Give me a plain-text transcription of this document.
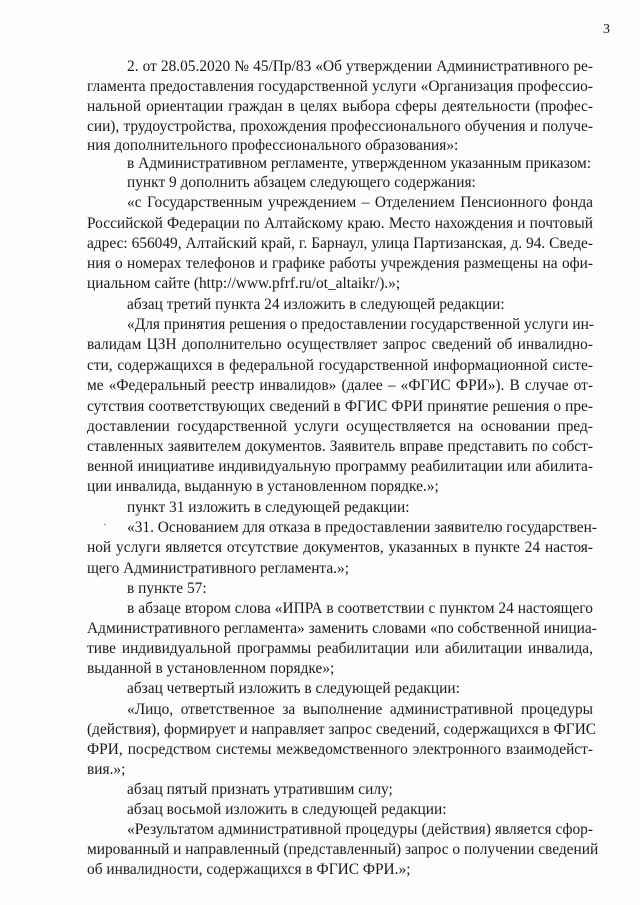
3
2. от 28.05.2020 № 45/Пр/83 «Об утверждении Административного ре-
гламента предоставления государственной услуги «Организация профессио-
нальной ориентации граждан в целях выбора сферы деятельности (профес-
сии), трудоустройства, прохождения профессионального обучения и получе-
ния дополнительного профессионального образования»:
в Административном регламенте, утвержденном указанным приказом:
пункт 9 дополнить абзацем следующего содержания:
«с Государственным учреждением – Отделением Пенсионного фонда
Российской Федерации по Алтайскому краю. Место нахождения и почтовый
адрес: 656049, Алтайский край, г. Барнаул, улица Партизанская, д. 94. Сведе-
ния о номерах телефонов и графике работы учреждения размещены на офи-
циальном сайте (http://www.pfrf.ru/ot_altaikr/).»;
абзац третий пункта 24 изложить в следующей редакции:
«Для принятия решения о предоставлении государственной услуги ин-
валидам ЦЗН дополнительно осуществляет запрос сведений об инвалидно-
сти, содержащихся в федеральной государственной информационной систе-
ме «Федеральный реестр инвалидов» (далее – «ФГИС ФРИ»). В случае от-
сутствия соответствующих сведений в ФГИС ФРИ принятие решения о пре-
доставлении государственной услуги осуществляется на основании пред-
ставленных заявителем документов. Заявитель вправе представить по собст-
венной инициативе индивидуальную программу реабилитации или абилита-
ции инвалида, выданную в установленном порядке.»;
пункт 31 изложить в следующей редакции:
«31. Основанием для отказа в предоставлении заявителю государствен-
ной услуги является отсутствие документов, указанных в пункте 24 настоя-
щего Административного регламента.»;
в пункте 57:
в абзаце втором слова «ИПРА в соответствии с пунктом 24 настоящего
Административного регламента» заменить словами «по собственной инициа-
тиве индивидуальной программы реабилитации или абилитации инвалида,
выданной в установленном порядке»;
абзац четвертый изложить в следующей редакции:
«Лицо, ответственное за выполнение административной процедуры
(действия), формирует и направляет запрос сведений, содержащихся в ФГИС
ФРИ, посредством системы межведомственного электронного взаимодейст-
вия.»;
абзац пятый признать утратившим силу;
абзац восьмой изложить в следующей редакции:
«Результатом административной процедуры (действия) является сфор-
мированный и направленный (представленный) запрос о получении сведений
об инвалидности, содержащихся в ФГИС ФРИ.»;
·
